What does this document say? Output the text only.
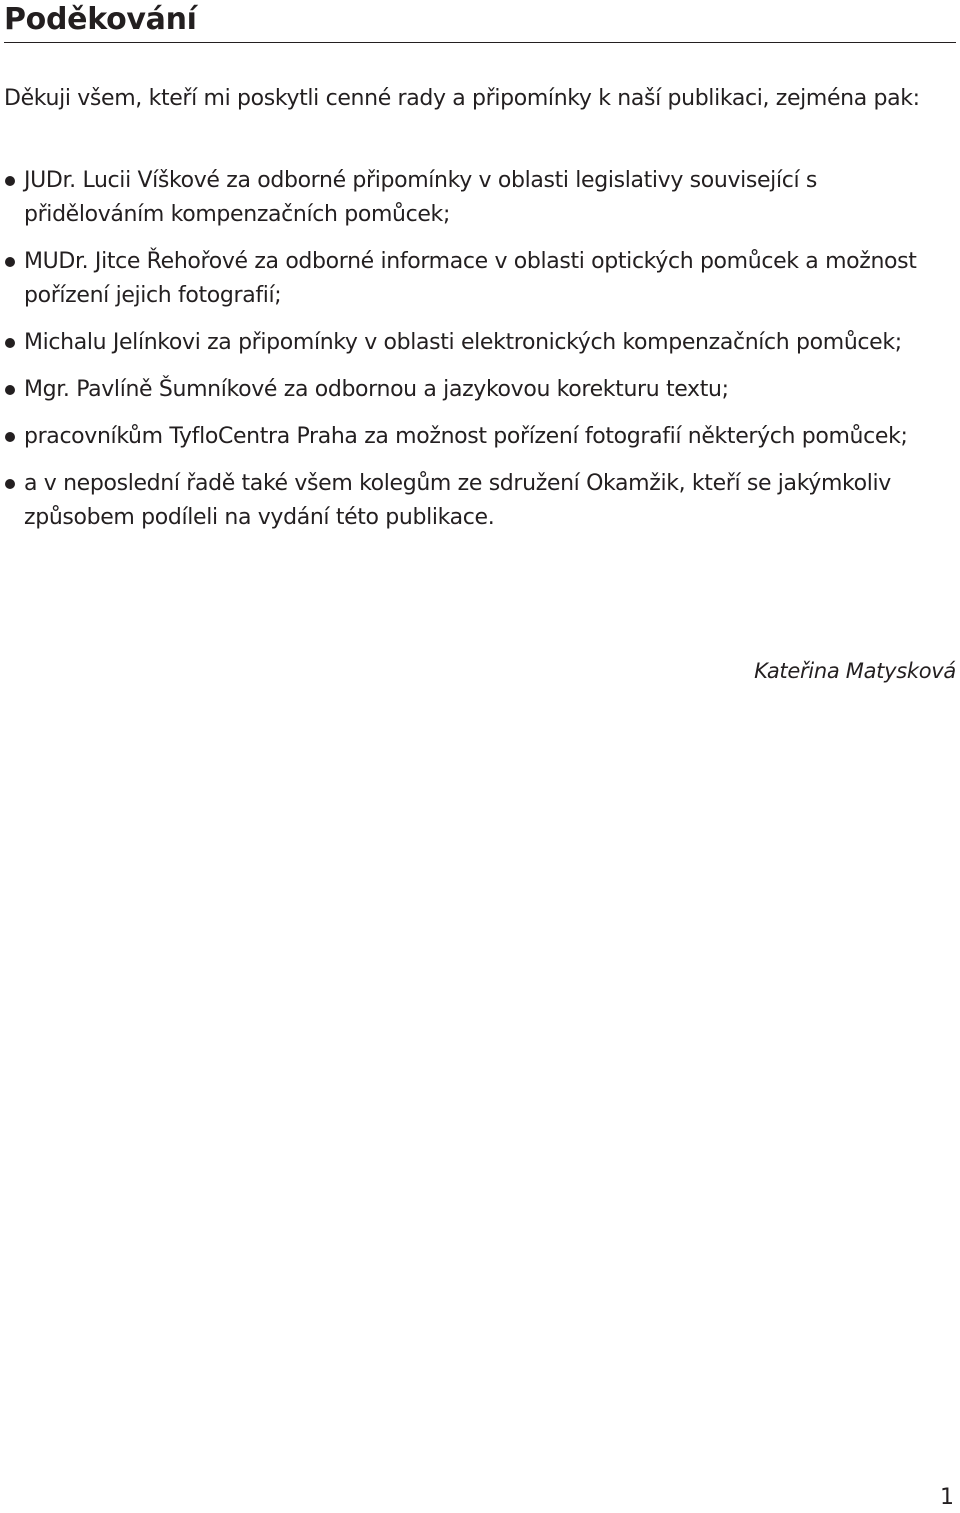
Poděkování

Děkuji všem, kteří mi poskytli cenné rady a připomínky k naší publikaci, zejména pak:

JUDr. Lucii Víškové za odborné připomínky v oblasti legislativy související s přidělováním kompenzačních pomůcek;
MUDr. Jitce Řehořové za odborné informace v oblasti optických pomůcek a možnost pořízení jejich fotografií;
Michalu Jelínkovi za připomínky v oblasti elektronických kompenzačních pomůcek;
Mgr. Pavlíně Šumníkové za odbornou a jazykovou korekturu textu;
pracovníkům TyfloCentra Praha za možnost pořízení fotografií některých pomůcek;
a v neposlední řadě také všem kolegům ze sdružení Okamžik, kteří se jakýmkoliv způsobem podíleli na vydání této publikace.

Kateřina Matysková

1
